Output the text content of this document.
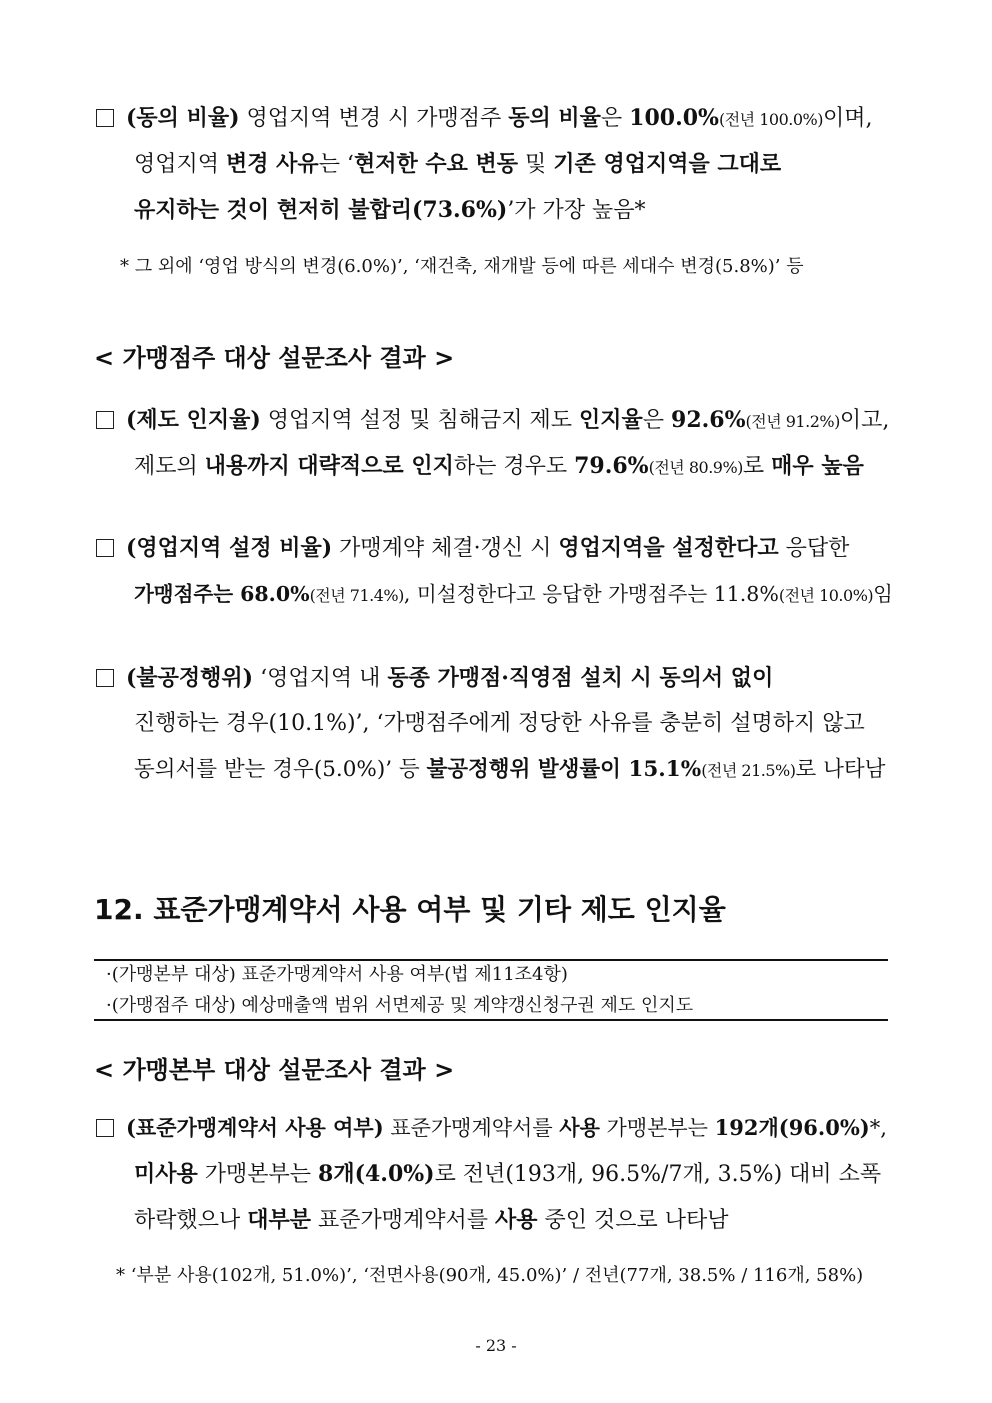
(동의 비율) 영업지역 변경 시 가맹점주 동의 비율은 100.0%(전년 100.0%)이며,
영업지역 변경 사유는 ‘현저한 수요 변동 및 기존 영업지역을 그대로
유지하는 것이 현저히 불합리(73.6%)’가 가장 높음*
* 그 외에 ‘영업 방식의 변경(6.0%)’, ‘재건축, 재개발 등에 따른 세대수 변경(5.8%)’ 등
< 가맹점주 대상 설문조사 결과 >
(제도 인지율) 영업지역 설정 및 침해금지 제도 인지율은 92.6%(전년 91.2%)이고,
제도의 내용까지 대략적으로 인지하는 경우도 79.6%(전년 80.9%)로 매우 높음
(영업지역 설정 비율) 가맹계약 체결·갱신 시 영업지역을 설정한다고 응답한
가맹점주는 68.0%(전년 71.4%), 미설정한다고 응답한 가맹점주는 11.8%(전년 10.0%)임
(불공정행위) ‘영업지역 내 동종 가맹점·직영점 설치 시 동의서 없이
진행하는 경우(10.1%)’, ‘가맹점주에게 정당한 사유를 충분히 설명하지 않고
동의서를 받는 경우(5.0%)’ 등 불공정행위 발생률이 15.1%(전년 21.5%)로 나타남
12. 표준가맹계약서 사용 여부 및 기타 제도 인지율
·(가맹본부 대상) 표준가맹계약서 사용 여부(법 제11조4항)
·(가맹점주 대상) 예상매출액 범위 서면제공 및 계약갱신청구권 제도 인지도
< 가맹본부 대상 설문조사 결과 >
(표준가맹계약서 사용 여부) 표준가맹계약서를 사용 가맹본부는 192개(96.0%)*,
미사용 가맹본부는 8개(4.0%)로 전년(193개, 96.5%/7개, 3.5%) 대비 소폭
하락했으나 대부분 표준가맹계약서를 사용 중인 것으로 나타남
* ‘부분 사용(102개, 51.0%)’, ‘전면사용(90개, 45.0%)’ / 전년(77개, 38.5% / 116개, 58%)
- 23 -
